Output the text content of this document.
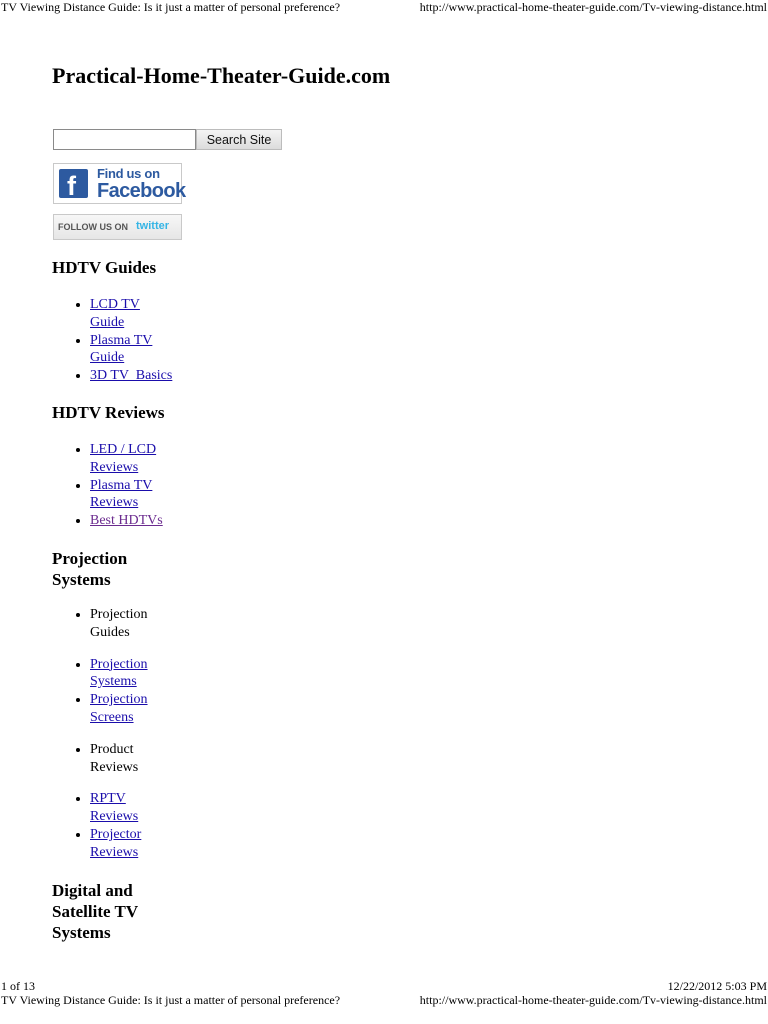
TV Viewing Distance Guide: Is it just a matter of personal preference?	http://www.practical-home-theater-guide.com/Tv-viewing-distance.html
Practical-Home-Theater-Guide.com
Search Site
f Find us on
Facebook
FOLLOW US ON twitter
HDTV Guides
• LCD TV Guide
• Plasma TV Guide
• 3D TV  Basics
HDTV Reviews
• LED / LCD Reviews
• Plasma TV Reviews
• Best HDTVs
Projection Systems
• Projection Guides
• Projection Systems
• Projection Screens
• Product Reviews
• RPTV Reviews
• Projector Reviews
Digital and Satellite TV Systems
1 of 13	12/22/2012 5:03 PM
TV Viewing Distance Guide: Is it just a matter of personal preference?	http://www.practical-home-theater-guide.com/Tv-viewing-distance.html
